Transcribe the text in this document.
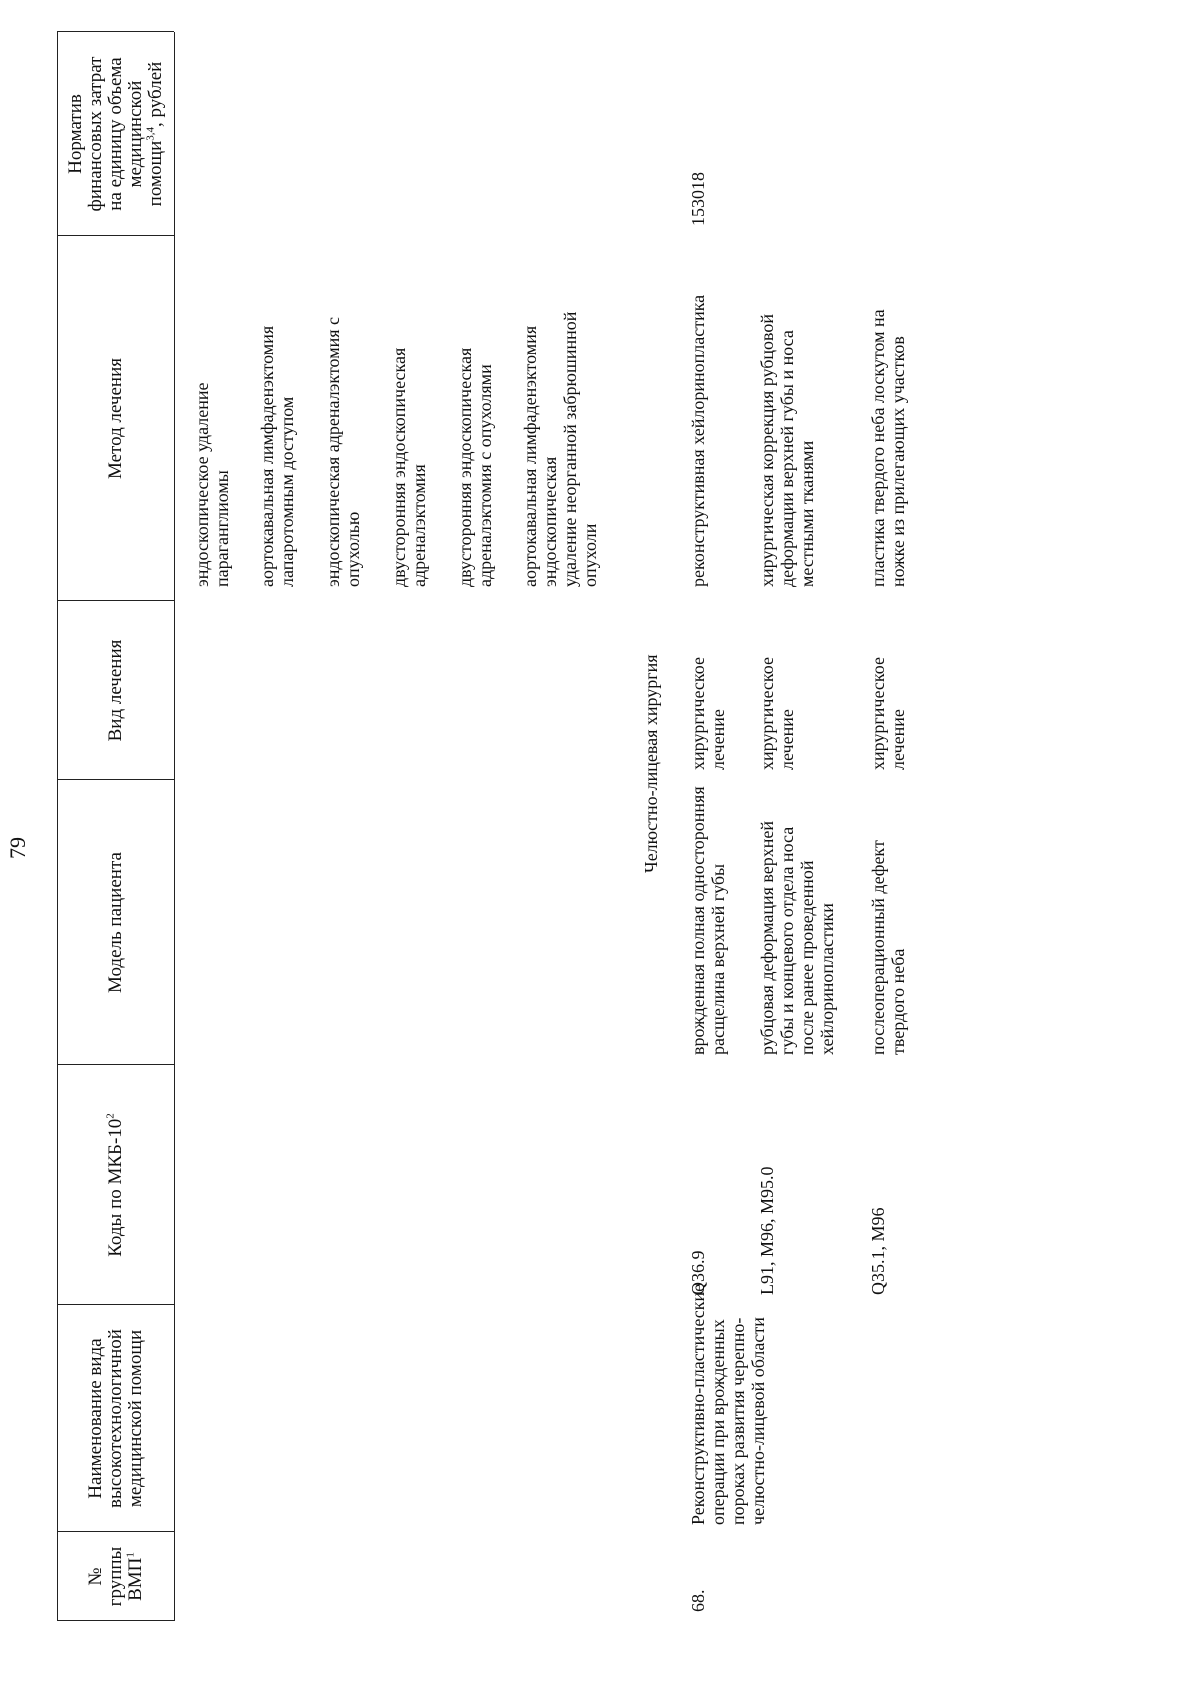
79
№ группы ВМП$^1$
Наименование вида высокотехнологичной медицинской помощи
Коды по МКБ-$10^2$
Модель пациента
Вид лечения
Метод лечения
Норматив финансовых затрат на единицу объема медицинской помощи$^{3,4}$, рублей
эндоскопическое удаление
параганглиомы аортокавальная лимфаденэктомия
лапаротомным доступом
эндоскопическая адреналэктомия с
опухолью двусторонняя эндоскопическая
адреналэктомия двусторонняя эндоскопическая
адреналэктомия с опухолями
аортокавальная лимфаденэктомия
эндоскопическая удаление неорганной забрюшинной
опухоли
Челюстно-лицевая хирургия
68.
Реконструктивно-пластические
операции при врожденных
пороках развития черепно-
челюстно-лицевой области
153018
Q36.9
врожденная полная односторонняя
расщелина верхней губы
хирургическое
лечение
реконструктивная хейлоринопластика
L91, M96, M95.0
рубцовая деформация верхней
губы и концевого отдела носа
после ранее проведенной
хейлоринопластики
хирургическое
лечение
хирургическая коррекция рубцовой
деформации верхней губы и носа
местными тканями
Q35.1, M96
послеоперационный дефект
твердого неба
хирургическое
лечение
пластика твердого неба лоскутом на
ножке из прилегающих участков
